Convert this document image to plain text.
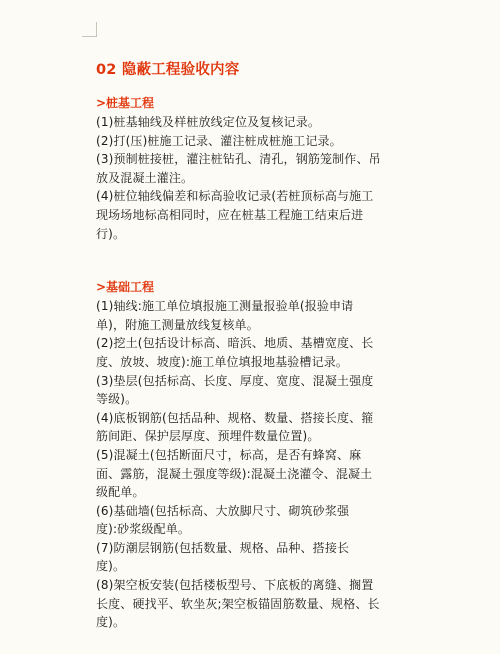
02 隐蔽工程验收内容
>桩基工程
(1)桩基轴线及样桩放线定位及复核记录。
(2)打(压)桩施工记录、灌注桩成桩施工记录。
(3)预制桩接桩，灌注桩钻孔、清孔，钢筋笼制作、吊
放及混凝土灌注。
(4)桩位轴线偏差和标高验收记录(若桩顶标高与施工
现场场地标高相同时，应在桩基工程施工结束后进
行)。
>基础工程
(1)轴线:施工单位填报施工测量报验单(报验申请
单)，附施工测量放线复核单。
(2)挖土(包括设计标高、暗浜、地质、基槽宽度、长
度、放坡、坡度):施工单位填报地基验槽记录。
(3)垫层(包括标高、长度、厚度、宽度、混凝土强度
等级)。
(4)底板钢筋(包括品种、规格、数量、搭接长度、箍
筋间距、保护层厚度、预埋件数量位置)。
(5)混凝土(包括断面尺寸，标高，是否有蜂窝、麻
面、露筋，混凝土强度等级):混凝土浇灌令、混凝土
级配单。
(6)基础墙(包括标高、大放脚尺寸、砌筑砂浆强
度):砂浆级配单。
(7)防潮层钢筋(包括数量、规格、品种、搭接长
度)。
(8)架空板安装(包括楼板型号、下底板的离缝、搁置
长度、硬找平、软坐灰;架空板锚固筋数量、规格、长
度)。
